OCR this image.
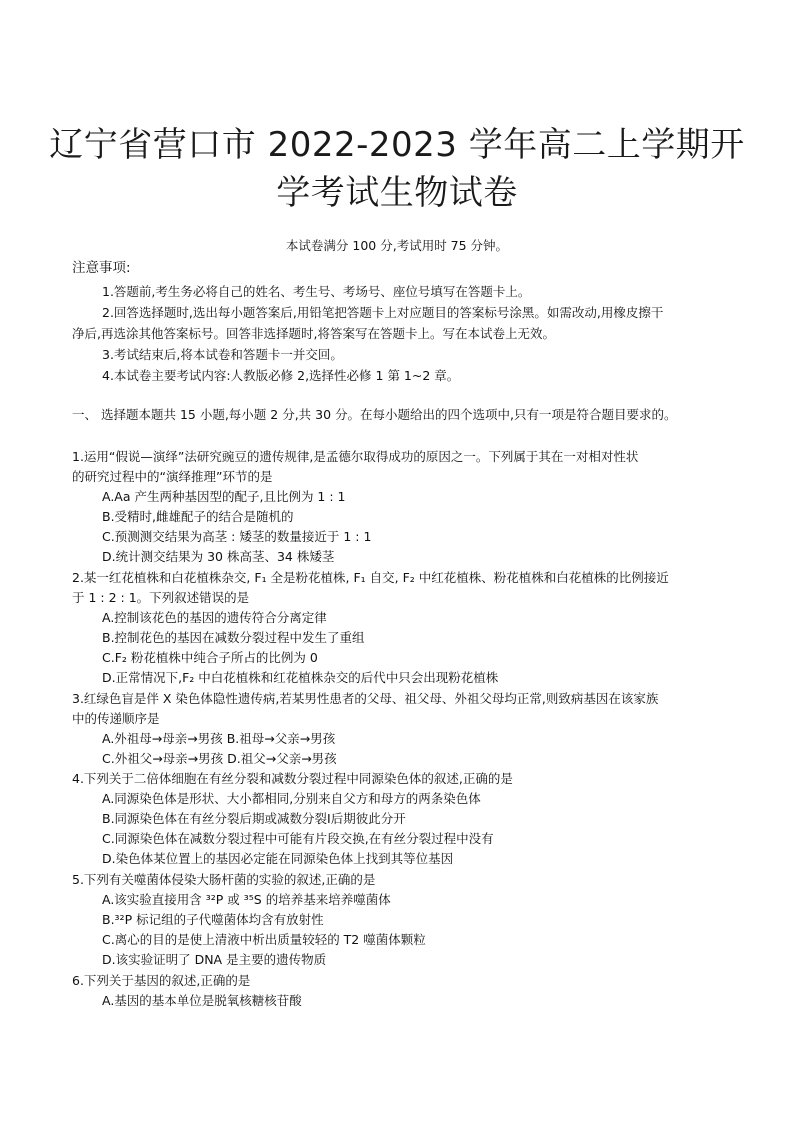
辽宁省营口市 2022-2023 学年高二上学期开
学考试生物试卷
本试卷满分 100 分,考试用时 75 分钟。
注意事项:
1.答题前,考生务必将自己的姓名、考生号、考场号、座位号填写在答题卡上。
2.回答选择题时,选出每小题答案后,用铅笔把答题卡上对应题目的答案标号涂黑。如需改动,用橡皮擦干
净后,再选涂其他答案标号。回答非选择题时,将答案写在答题卡上。写在本试卷上无效。
3.考试结束后,将本试卷和答题卡一并交回。
4.本试卷主要考试内容:人教版必修 2,选择性必修 1 第 1~2 章。
一、 选择题本题共 15 小题,每小题 2 分,共 30 分。在每小题给出的四个选项中,只有一项是符合题目要求的。
1.运用“假说—演绎”法研究豌豆的遗传规律,是孟德尔取得成功的原因之一。下列属于其在一对相对性状
的研究过程中的“演绎推理”环节的是
A.Aa 产生两种基因型的配子,且比例为 1 : 1
B.受精时,雌雄配子的结合是随机的
C.预测测交结果为高茎 : 矮茎的数量接近于 1 : 1
D.统计测交结果为 30 株高茎、34 株矮茎
2.某一红花植株和白花植株杂交, F₁ 全是粉花植株, F₁ 自交, F₂ 中红花植株、粉花植株和白花植株的比例接近
于 1 : 2 : 1。下列叙述错误的是
A.控制该花色的基因的遗传符合分离定律
B.控制花色的基因在减数分裂过程中发生了重组
C.F₂ 粉花植株中纯合子所占的比例为 0
D.正常情况下,F₂ 中白花植株和红花植株杂交的后代中只会出现粉花植株
3.红绿色盲是伴 X 染色体隐性遗传病,若某男性患者的父母、祖父母、外祖父母均正常,则致病基因在该家族
中的传递顺序是
A.外祖母→母亲→男孩 B.祖母→父亲→男孩
C.外祖父→母亲→男孩 D.祖父→父亲→男孩
4.下列关于二倍体细胞在有丝分裂和减数分裂过程中同源染色体的叙述,正确的是
A.同源染色体是形状、大小都相同,分别来自父方和母方的两条染色体
B.同源染色体在有丝分裂后期或减数分裂Ⅰ后期彼此分开
C.同源染色体在减数分裂过程中可能有片段交换,在有丝分裂过程中没有
D.染色体某位置上的基因必定能在同源染色体上找到其等位基因
5.下列有关噬菌体侵染大肠杆菌的实验的叙述,正确的是
A.该实验直接用含 ³²P 或 ³⁵S 的培养基来培养噬菌体
B.³²P 标记组的子代噬菌体均含有放射性
C.离心的目的是使上清液中析出质量较轻的 T2 噬菌体颗粒
D.该实验证明了 DNA 是主要的遗传物质
6.下列关于基因的叙述,正确的是
A.基因的基本单位是脱氧核糖核苷酸
